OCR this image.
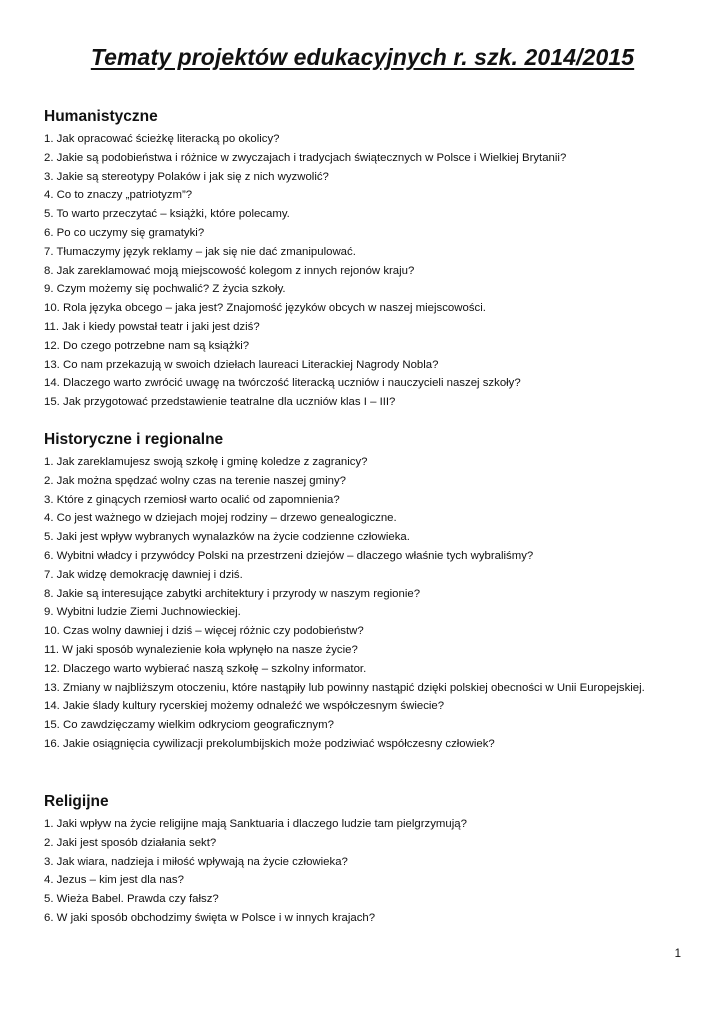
Tematy projektów edukacyjnych r. szk. 2014/2015
Humanistyczne
1. Jak opracować ścieżkę literacką po okolicy?
2. Jakie są podobieństwa i różnice w zwyczajach i tradycjach świątecznych w Polsce i Wielkiej Brytanii?
3. Jakie są stereotypy Polaków i jak się z nich wyzwolić?
4. Co to znaczy „patriotyzm”?
5. To warto przeczytać – książki, które polecamy.
6. Po co uczymy się gramatyki?
7. Tłumaczymy język reklamy – jak się nie dać zmanipulować.
8. Jak zareklamować moją miejscowość kolegom z innych rejonów kraju?
9. Czym możemy się pochwalić? Z życia szkoły.
10. Rola języka obcego – jaka jest? Znajomość języków obcych w naszej miejscowości.
11. Jak i kiedy powstał teatr i jaki jest dziś?
12. Do czego potrzebne nam są książki?
13. Co nam przekazują w swoich dziełach laureaci Literackiej Nagrody Nobla?
14. Dlaczego warto zwrócić uwagę na twórczość literacką uczniów i nauczycieli naszej szkoły?
15. Jak przygotować przedstawienie teatralne dla uczniów klas I – III?
Historyczne i regionalne
1. Jak zareklamujesz swoją szkołę i gminę koledze z zagranicy?
2. Jak można spędzać wolny czas na terenie naszej gminy?
3. Które z ginących rzemiosł warto ocalić od zapomnienia?
4. Co jest ważnego w dziejach mojej rodziny – drzewo genealogiczne.
5. Jaki jest wpływ wybranych wynalazków na życie codzienne człowieka.
6. Wybitni władcy i przywódcy Polski na przestrzeni dziejów – dlaczego właśnie tych wybraliśmy?
7. Jak widzę demokrację dawniej i dziś.
8. Jakie są interesujące zabytki architektury i przyrody w naszym regionie?
9. Wybitni ludzie Ziemi Juchnowieckiej.
10. Czas wolny dawniej i dziś – więcej różnic czy podobieństw?
11. W jaki sposób wynalezienie koła wpłynęło na nasze życie?
12. Dlaczego warto wybierać naszą szkołę – szkolny informator.
13. Zmiany w najbliższym otoczeniu, które nastąpiły lub powinny nastąpić dzięki polskiej obecności w Unii Europejskiej.
14. Jakie ślady kultury rycerskiej możemy odnaleźć we współczesnym świecie?
15. Co zawdzięczamy wielkim odkryciom geograficznym?
16. Jakie osiągnięcia cywilizacji prekolumbijskich może podziwiać współczesny człowiek?
Religijne
1. Jaki wpływ na życie religijne mają Sanktuaria i dlaczego ludzie tam pielgrzymują?
2. Jaki jest sposób działania sekt?
3. Jak wiara, nadzieja i miłość wpływają na życie człowieka?
4. Jezus – kim jest dla nas?
5. Wieża Babel. Prawda czy fałsz?
6. W jaki sposób obchodzimy święta w Polsce i w innych krajach?
1
